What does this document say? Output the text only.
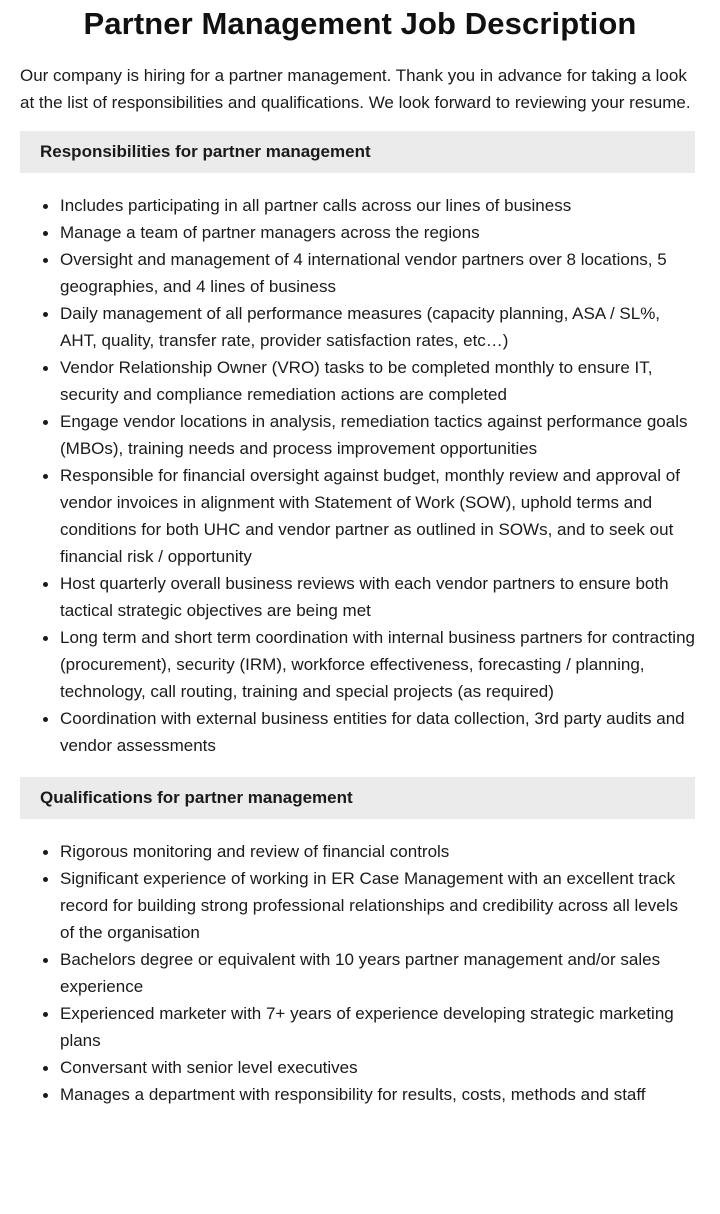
Partner Management Job Description

Our company is hiring for a partner management. Thank you in advance for taking a look at the list of responsibilities and qualifications. We look forward to reviewing your resume.

Responsibilities for partner management
Includes participating in all partner calls across our lines of business
Manage a team of partner managers across the regions
Oversight and management of 4 international vendor partners over 8 locations, 5 geographies, and 4 lines of business
Daily management of all performance measures (capacity planning, ASA / SL%, AHT, quality, transfer rate, provider satisfaction rates, etc…)
Vendor Relationship Owner (VRO) tasks to be completed monthly to ensure IT, security and compliance remediation actions are completed
Engage vendor locations in analysis, remediation tactics against performance goals (MBOs), training needs and process improvement opportunities
Responsible for financial oversight against budget, monthly review and approval of vendor invoices in alignment with Statement of Work (SOW), uphold terms and conditions for both UHC and vendor partner as outlined in SOWs, and to seek out financial risk / opportunity
Host quarterly overall business reviews with each vendor partners to ensure both tactical strategic objectives are being met
Long term and short term coordination with internal business partners for contracting (procurement), security (IRM), workforce effectiveness, forecasting / planning, technology, call routing, training and special projects (as required)
Coordination with external business entities for data collection, 3rd party audits and vendor assessments
Qualifications for partner management
Rigorous monitoring and review of financial controls
Significant experience of working in ER Case Management with an excellent track record for building strong professional relationships and credibility across all levels of the organisation
Bachelors degree or equivalent with 10 years partner management and/or sales experience
Experienced marketer with 7+ years of experience developing strategic marketing plans
Conversant with senior level executives
Manages a department with responsibility for results, costs, methods and staff
